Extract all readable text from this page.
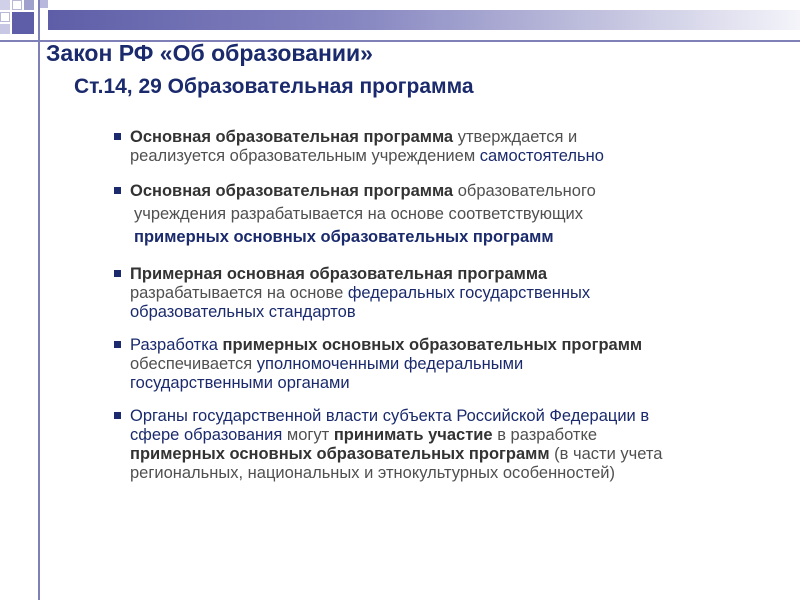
Закон РФ «Об образовании»
Ст.14, 29 Образовательная программа
Основная образовательная программа утверждается и
реализуется образовательным учреждением самостоятельно
Основная образовательная программа образовательного

учреждения разрабатывается на основе соответствующих
примерных основных образовательных программ
Примерная основная образовательная программа
разрабатывается на основе федеральных государственных
образовательных стандартов
Разработка примерных основных образовательных программ
обеспечивается уполномоченными федеральными
государственными органами
Органы государственной власти субъекта Российской Федерации в
сфере образования могут принимать участие в разработке
примерных основных образовательных программ (в части учета
региональных, национальных и этнокультурных особенностей)
